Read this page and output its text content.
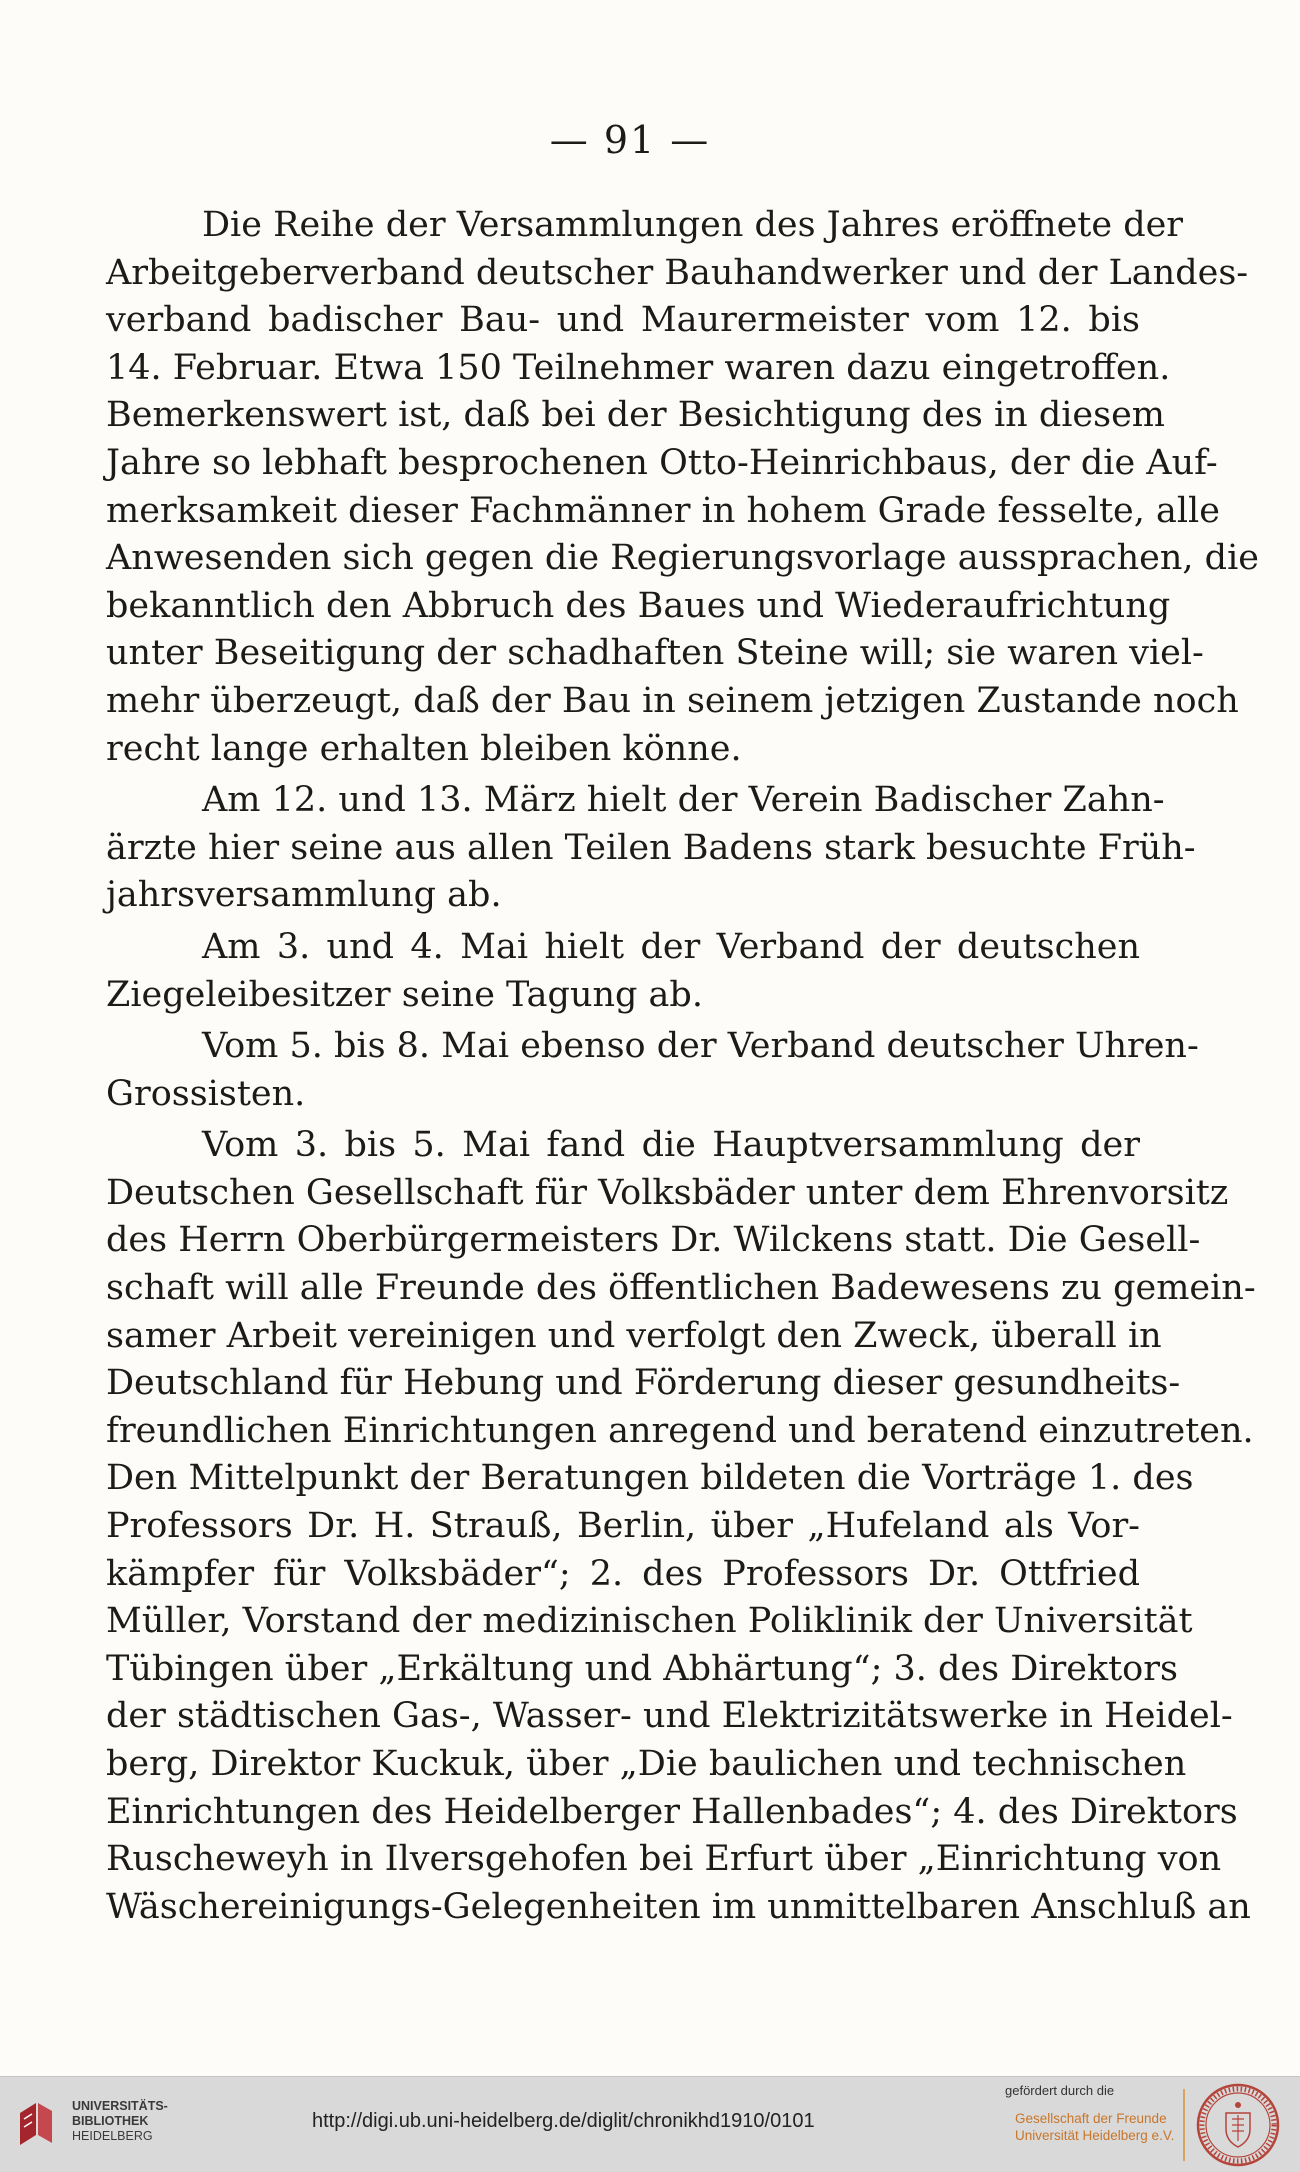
— 91 —
Die Reihe der Versammlungen des Jahres eröffnete der
Arbeitgeberverband deutscher Bauhandwerker und der Landes-
verband badischer Bau- und Maurermeister vom 12. bis
14. Februar. Etwa 150 Teilnehmer waren dazu eingetroffen.
Bemerkenswert ist, daß bei der Besichtigung des in diesem
Jahre so lebhaft besprochenen Otto-Heinrichbaus, der die Auf-
merksamkeit dieser Fachmänner in hohem Grade fesselte, alle
Anwesenden sich gegen die Regierungsvorlage aussprachen, die
bekanntlich den Abbruch des Baues und Wiederaufrichtung
unter Beseitigung der schadhaften Steine will; sie waren viel-
mehr überzeugt, daß der Bau in seinem jetzigen Zustande noch
recht lange erhalten bleiben könne.
Am 12. und 13. März hielt der Verein Badischer Zahn-
ärzte hier seine aus allen Teilen Badens stark besuchte Früh-
jahrsversammlung ab.
Am 3. und 4. Mai hielt der Verband der deutschen
Ziegeleibesitzer seine Tagung ab.
Vom 5. bis 8. Mai ebenso der Verband deutscher Uhren-
Grossisten.
Vom 3. bis 5. Mai fand die Hauptversammlung der
Deutschen Gesellschaft für Volksbäder unter dem Ehrenvorsitz
des Herrn Oberbürgermeisters Dr. Wilckens statt. Die Gesell-
schaft will alle Freunde des öffentlichen Badewesens zu gemein-
samer Arbeit vereinigen und verfolgt den Zweck, überall in
Deutschland für Hebung und Förderung dieser gesundheits-
freundlichen Einrichtungen anregend und beratend einzutreten.
Den Mittelpunkt der Beratungen bildeten die Vorträge 1. des
Professors Dr. H. Strauß, Berlin, über „Hufeland als Vor-
kämpfer für Volksbäder“; 2. des Professors Dr. Ottfried
Müller, Vorstand der medizinischen Poliklinik der Universität
Tübingen über „Erkältung und Abhärtung“; 3. des Direktors
der städtischen Gas-, Wasser- und Elektrizitätswerke in Heidel-
berg, Direktor Kuckuk, über „Die baulichen und technischen
Einrichtungen des Heidelberger Hallenbades“; 4. des Direktors
Ruscheweyh in Ilversgehofen bei Erfurt über „Einrichtung von
Wäschereinigungs-Gelegenheiten im unmittelbaren Anschluß an
UNIVERSITÄTS-
BIBLIOTHEK
HEIDELBERG
http://digi.ub.uni-heidelberg.de/diglit/chronikhd1910/0101
gefördert durch die
Gesellschaft der Freunde
Universität Heidelberg e.V.
